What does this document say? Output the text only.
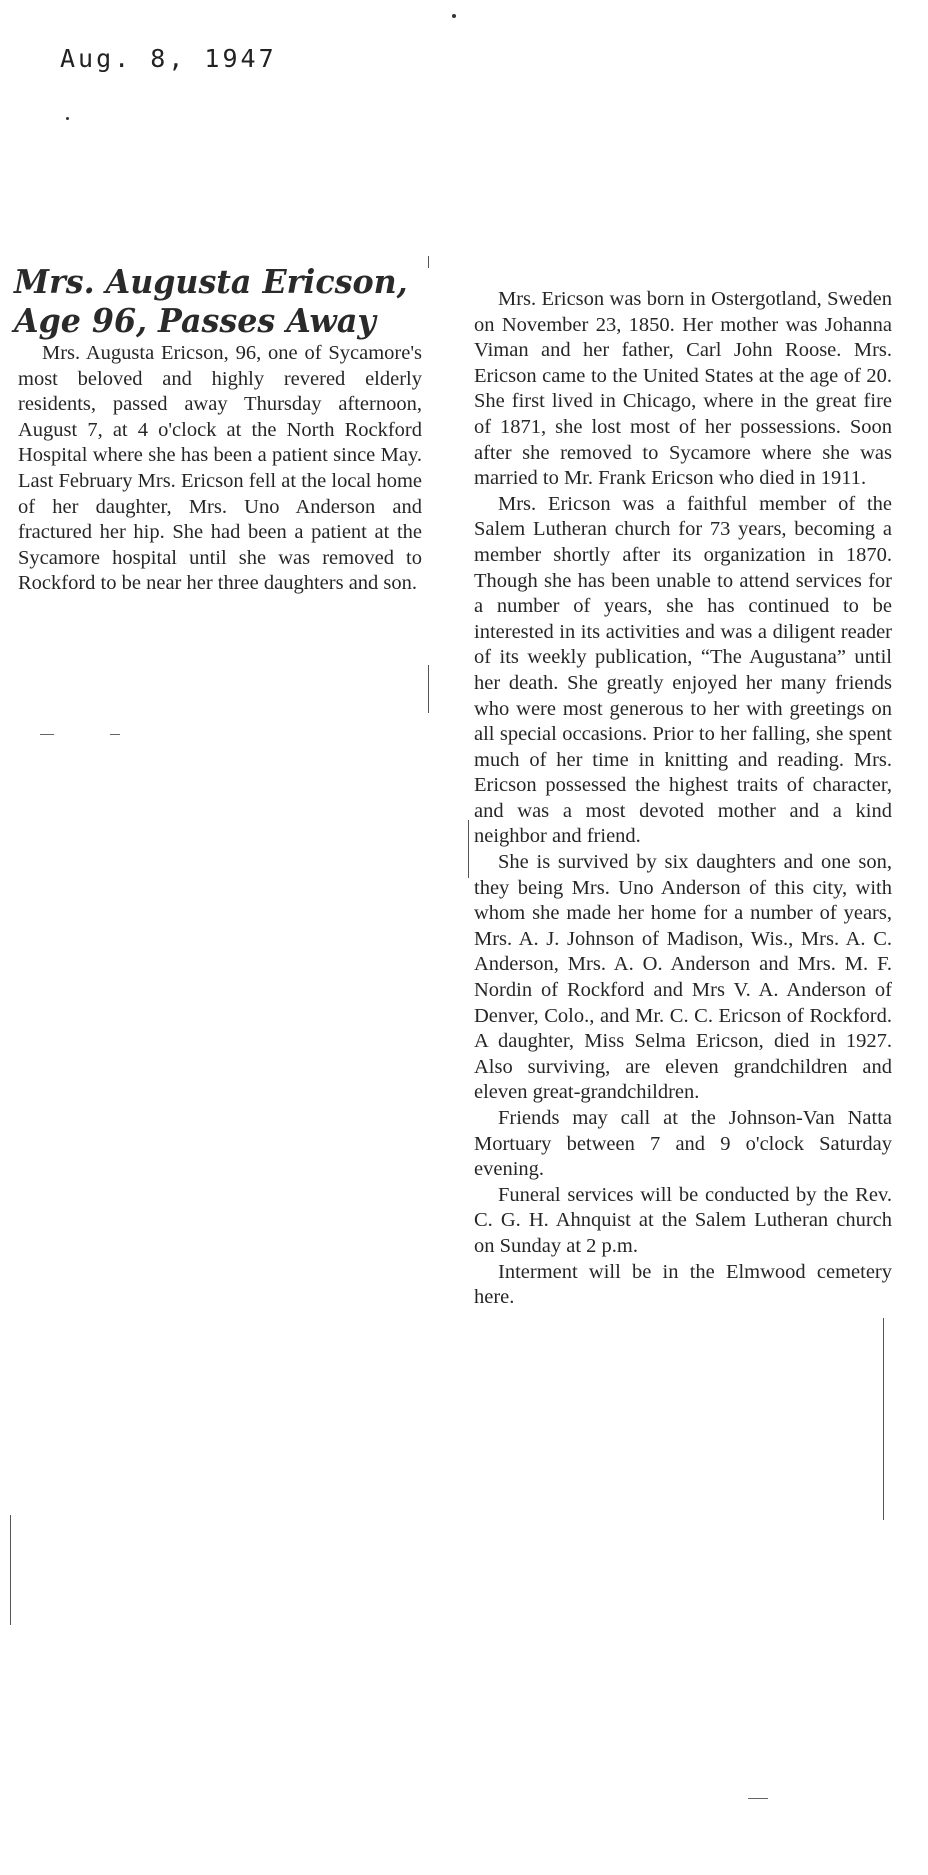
Aug. 8, 1947
Mrs. Augusta Ericson,
Age 96, Passes Away

Mrs. Augusta Ericson, 96, one of Sycamore's most beloved and highly revered elderly residents, passed away Thursday afternoon, August 7, at 4 o'clock at the North Rockford Hospital where she has been a patient since May. Last February Mrs. Ericson fell at the local home of her daughter, Mrs. Uno Anderson and fractured her hip. She had been a patient at the Sycamore hospital until she was removed to Rockford to be near her three daughters and son.

Mrs. Ericson was born in Ostergotland, Sweden on November 23, 1850. Her mother was Johanna Viman and her father, Carl John Roose. Mrs. Ericson came to the United States at the age of 20. She first lived in Chicago, where in the great fire of 1871, she lost most of her possessions. Soon after she removed to Sycamore where she was married to Mr. Frank Ericson who died in 1911.

Mrs. Ericson was a faithful member of the Salem Lutheran church for 73 years, becoming a member shortly after its organization in 1870. Though she has been unable to attend services for a number of years, she has continued to be interested in its activities and was a diligent reader of its weekly publication, “The Augustana” until her death. She greatly enjoyed her many friends who were most generous to her with greetings on all special occasions. Prior to her falling, she spent much of her time in knitting and reading. Mrs. Ericson possessed the highest traits of character, and was a most devoted mother and a kind neighbor and friend.

She is survived by six daughters and one son, they being Mrs. Uno Anderson of this city, with whom she made her home for a number of years, Mrs. A. J. Johnson of Madison, Wis., Mrs. A. C. Anderson, Mrs. A. O. Anderson and Mrs. M. F. Nordin of Rockford and Mrs V. A. Anderson of Denver, Colo., and Mr. C. C. Ericson of Rockford. A daughter, Miss Selma Ericson, died in 1927. Also surviving, are eleven grandchildren and eleven great-grandchildren.

Friends may call at the Johnson-Van Natta Mortuary between 7 and 9 o'clock Saturday evening.

Funeral services will be conducted by the Rev. C. G. H. Ahnquist at the Salem Lutheran church on Sunday at 2 p.m.

Interment will be in the Elmwood cemetery here.
